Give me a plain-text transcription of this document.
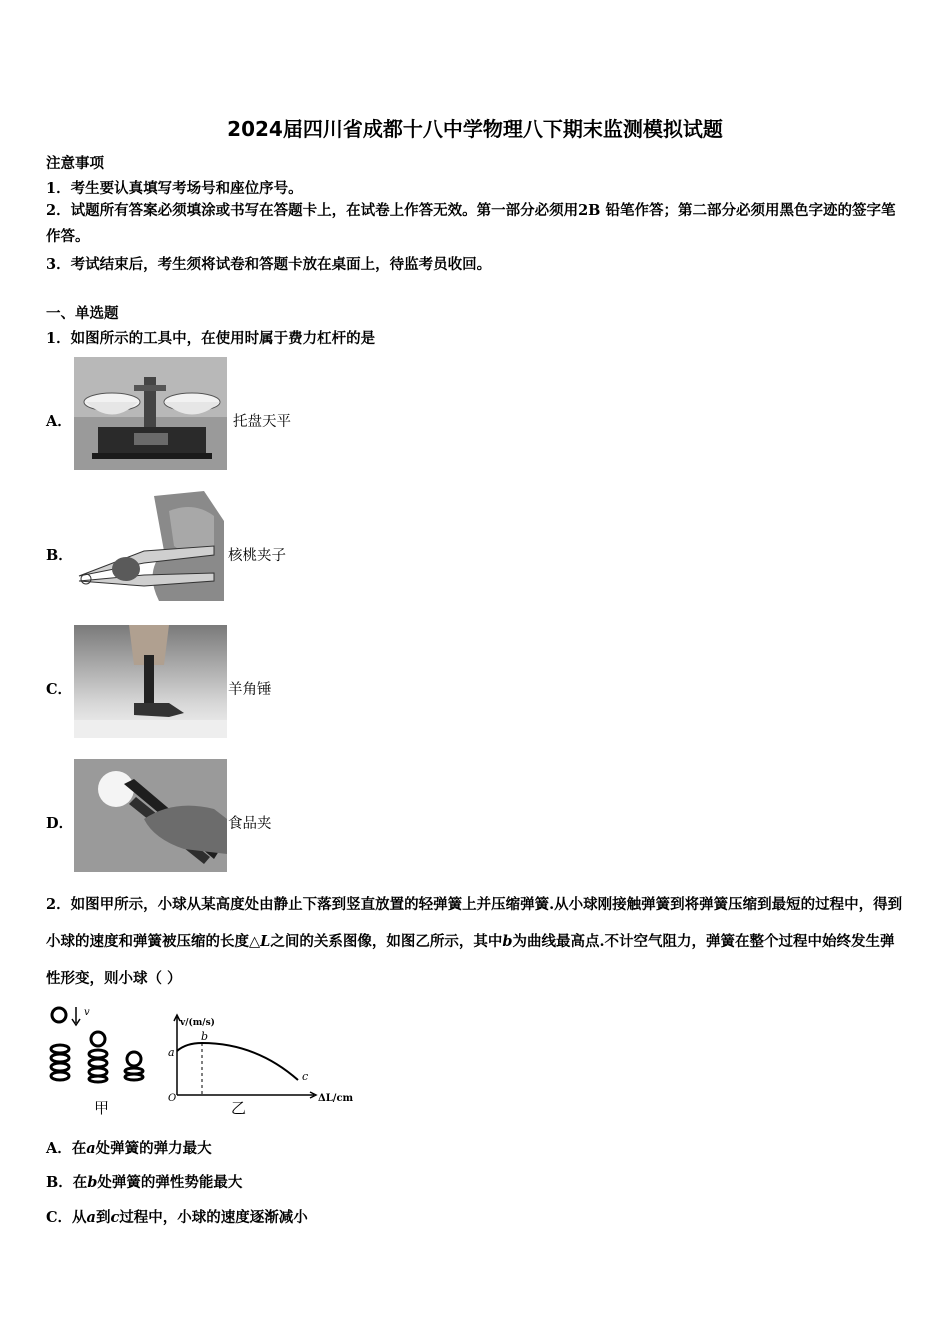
2024届四川省成都十八中学物理八下期末监测模拟试题
注意事项
1．考生要认真填写考场号和座位序号。
2．试题所有答案必须填涂或书写在答题卡上，在试卷上作答无效。第一部分必须用2B 铅笔作答；第二部分必须用黑色字迹的签字笔作答。
3．考试结束后，考生须将试卷和答题卡放在桌面上，待监考员收回。
一、单选题
1．如图所示的工具中，在使用时属于费力杠杆的是
A．	托盘天平
B．	核桃夹子
C．	羊角锤
D．	食品夹
2．如图甲所示，小球从某高度处由静止下落到竖直放置的轻弹簧上并压缩弹簧.从小球刚接触弹簧到将弹簧压缩到最短的过程中，得到小球的速度和弹簧被压缩的长度△L之间的关系图像，如图乙所示，其中b为曲线最高点.不计空气阻力，弹簧在整个过程中始终发生弹性形变，则小球（ ）
v
甲
v/(m/s)
ΔL/cm
O
a
b
c
乙
A．在a处弹簧的弹力最大
B．在b处弹簧的弹性势能最大
C．从a到c过程中，小球的速度逐渐减小
